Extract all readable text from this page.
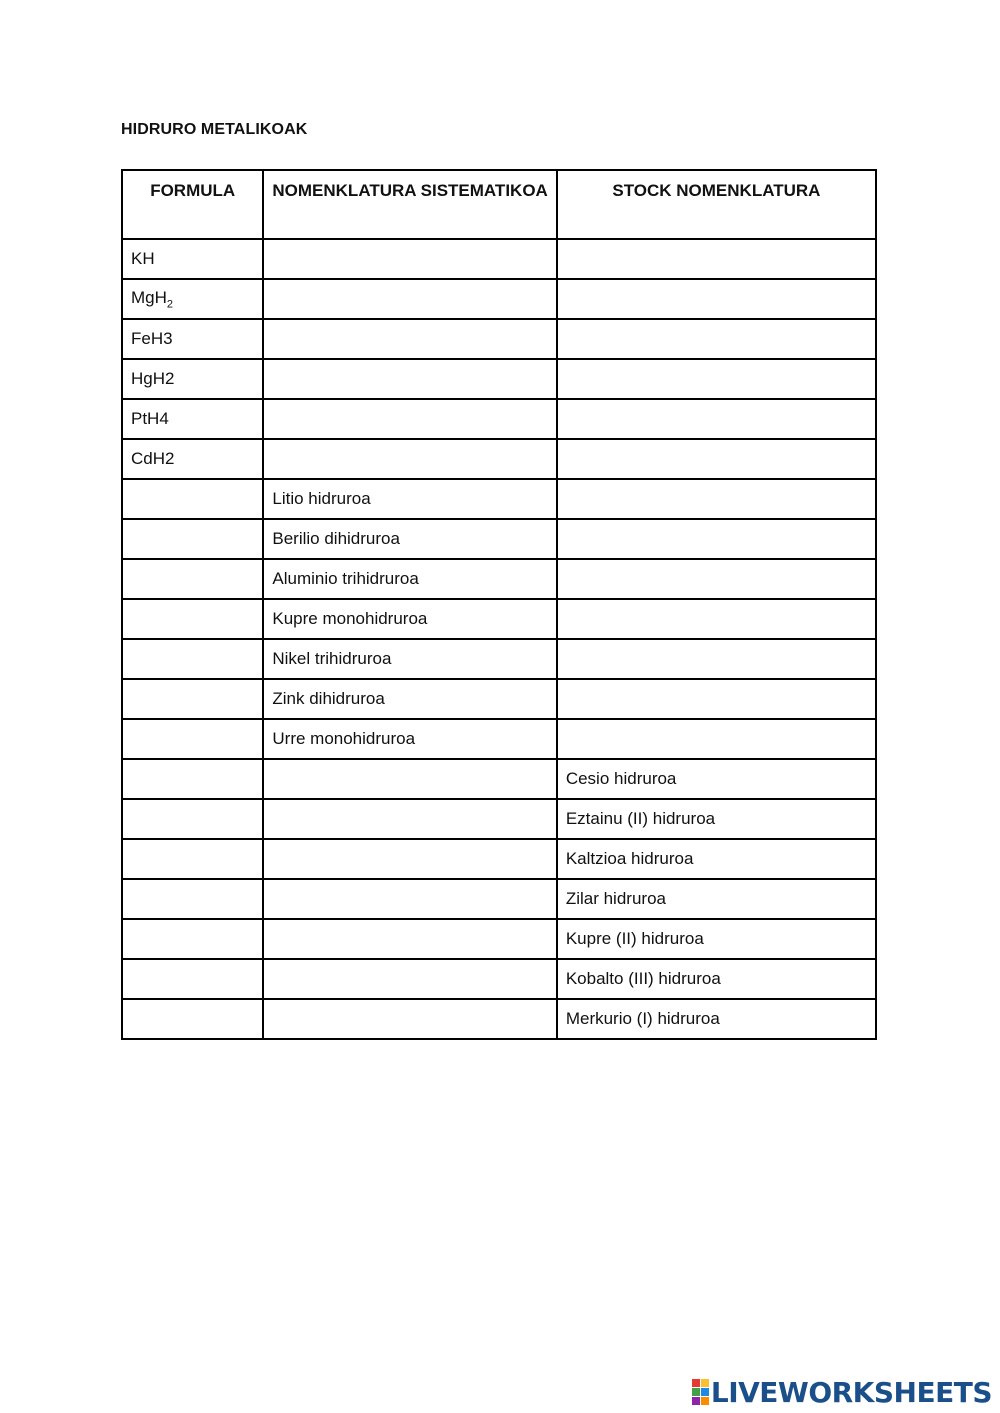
HIDRURO METALIKOAK
FORMULA	NOMENKLATURA SISTEMATIKOA	STOCK NOMENKLATURA
KH		
MgH$_2$		
FeH3		
HgH2		
PtH4		
CdH2		
	Litio hidruroa	
	Berilio dihidruroa	
	Aluminio trihidruroa	
	Kupre monohidruroa	
	Nikel trihidruroa	
	Zink dihidruroa	
	Urre monohidruroa	
		Cesio hidruroa
		Eztainu (II) hidruroa
		Kaltzioa hidruroa
		Zilar hidruroa
		Kupre (II) hidruroa
		Kobalto (III) hidruroa
		Merkurio (I) hidruroa
LIVEWORKSHEETS
